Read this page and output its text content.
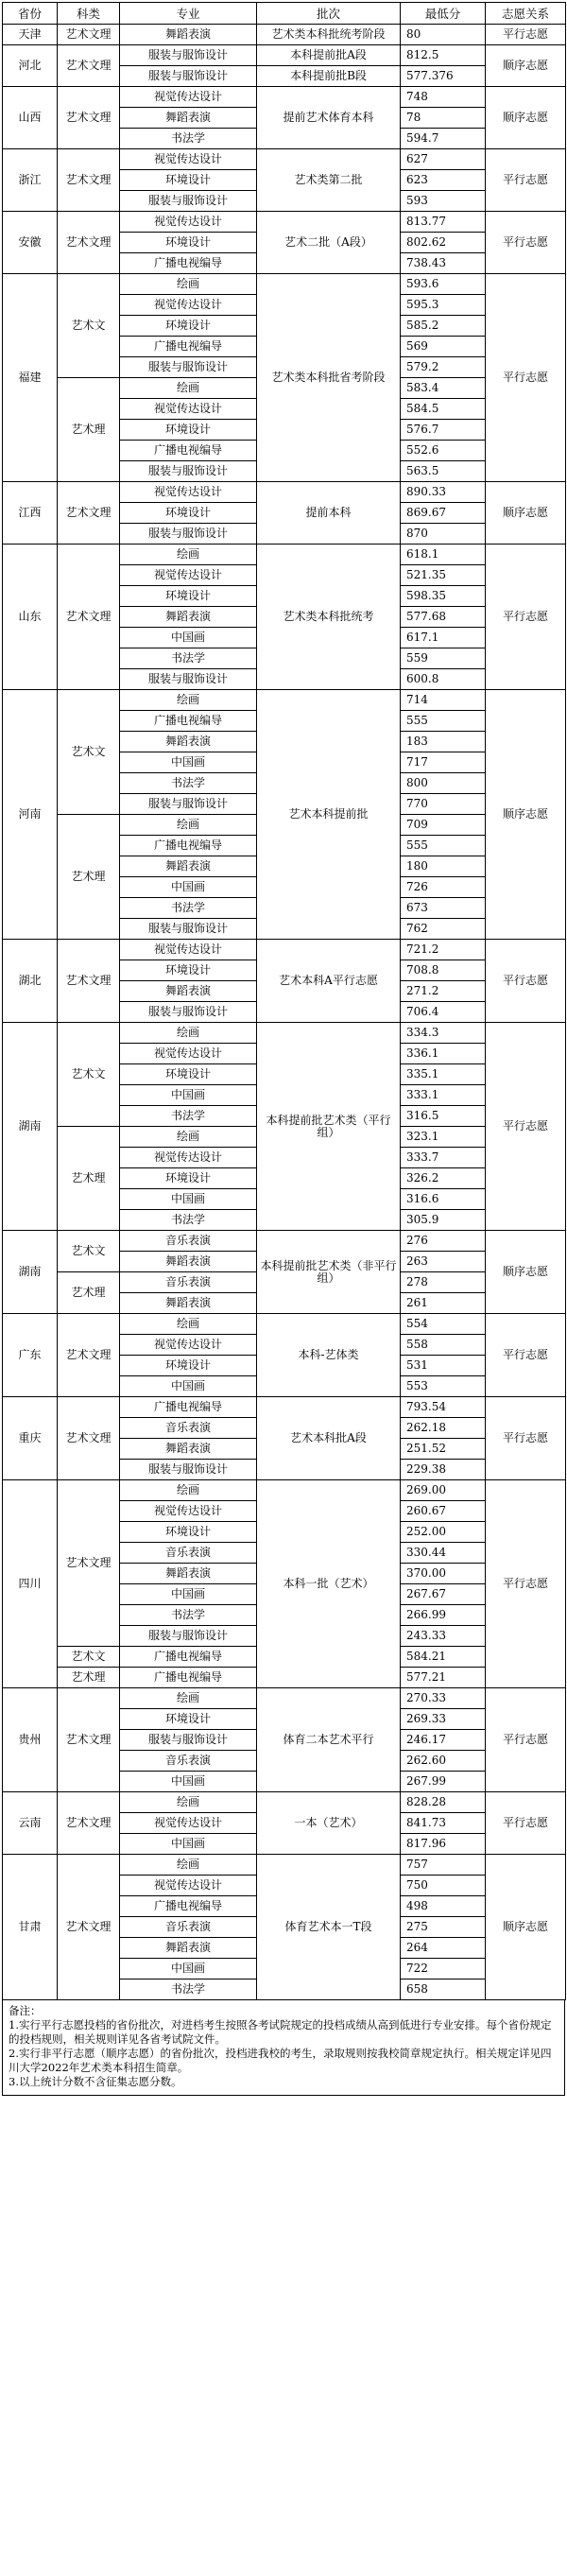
省份	科类	专业	批次	最低分	志愿关系
天津	艺术文理	舞蹈表演	艺术类本科批统考阶段	80	平行志愿
河北	艺术文理	服装与服饰设计	本科提前批A段	812.5	顺序志愿
		服装与服饰设计	本科提前批B段	577.376	
山西	艺术文理	视觉传达设计	提前艺术体育本科	748	顺序志愿
		舞蹈表演		78	
		书法学		594.7	
浙江	艺术文理	视觉传达设计	艺术类第二批	627	平行志愿
		环境设计		623	
		服装与服饰设计		593	
安徽	艺术文理	视觉传达设计	艺术二批（A段）	813.77	平行志愿
		环境设计		802.62	
		广播电视编导		738.43	
福建	艺术文	绘画	艺术类本科批省考阶段	593.6	平行志愿
		视觉传达设计		595.3	
		环境设计		585.2	
		广播电视编导		569	
		服装与服饰设计		579.2	
	艺术理	绘画		583.4	
		视觉传达设计		584.5	
		环境设计		576.7	
		广播电视编导		552.6	
		服装与服饰设计		563.5	
江西	艺术文理	视觉传达设计	提前本科	890.33	顺序志愿
		环境设计		869.67	
		服装与服饰设计		870	
山东	艺术文理	绘画	艺术类本科批统考	618.1	平行志愿
		视觉传达设计		521.35	
		环境设计		598.35	
		舞蹈表演		577.68	
		中国画		617.1	
		书法学		559	
		服装与服饰设计		600.8	
河南	艺术文	绘画	艺术本科提前批	714	顺序志愿
		广播电视编导		555	
		舞蹈表演		183	
		中国画		717	
		书法学		800	
		服装与服饰设计		770	
	艺术理	绘画		709	
		广播电视编导		555	
		舞蹈表演		180	
		中国画		726	
		书法学		673	
		服装与服饰设计		762	
湖北	艺术文理	视觉传达设计	艺术本科A平行志愿	721.2	平行志愿
		环境设计		708.8	
		舞蹈表演		271.2	
		服装与服饰设计		706.4	
湖南	艺术文	绘画	本科提前批艺术类（平行组）	334.3	平行志愿
		视觉传达设计		336.1	
		环境设计		335.1	
		中国画		333.1	
		书法学		316.5	
	艺术理	绘画		323.1	
		视觉传达设计		333.7	
		环境设计		326.2	
		中国画		316.6	
		书法学		305.9	
湖南	艺术文	音乐表演	本科提前批艺术类（非平行组）	276	顺序志愿
		舞蹈表演		263	
	艺术理	音乐表演		278	
		舞蹈表演		261	
广东	艺术文理	绘画	本科-艺体类	554	平行志愿
		视觉传达设计		558	
		环境设计		531	
		中国画		553	
重庆	艺术文理	广播电视编导	艺术本科批A段	793.54	平行志愿
		音乐表演		262.18	
		舞蹈表演		251.52	
		服装与服饰设计		229.38	
四川	艺术文理	绘画	本科一批（艺术）	269.00	平行志愿
		视觉传达设计		260.67	
		环境设计		252.00	
		音乐表演		330.44	
		舞蹈表演		370.00	
		中国画		267.67	
		书法学		266.99	
		服装与服饰设计		243.33	
	艺术文	广播电视编导		584.21	
	艺术理	广播电视编导		577.21	
贵州	艺术文理	绘画	体育二本艺术平行	270.33	平行志愿
		环境设计		269.33	
		服装与服饰设计		246.17	
		音乐表演		262.60	
		中国画		267.99	
云南	艺术文理	绘画	一本（艺术）	828.28	平行志愿
		视觉传达设计		841.73	
		中国画		817.96	
甘肃	艺术文理	绘画	体育艺术本一T段	757	顺序志愿
		视觉传达设计		750	
		广播电视编导		498	
		音乐表演		275	
		舞蹈表演		264	
		中国画		722	
		书法学		658	
备注：
1.实行平行志愿投档的省份批次，对进档考生按照各考试院规定的投档成绩从高到低进行专业安排。每个省份规定的投档规则，相关规则详见各省考试院文件。
2.实行非平行志愿（顺序志愿）的省份批次，投档进我校的考生，录取规则按我校简章规定执行。相关规定详见四川大学2022年艺术类本科招生简章。
3.以上统计分数不含征集志愿分数。
